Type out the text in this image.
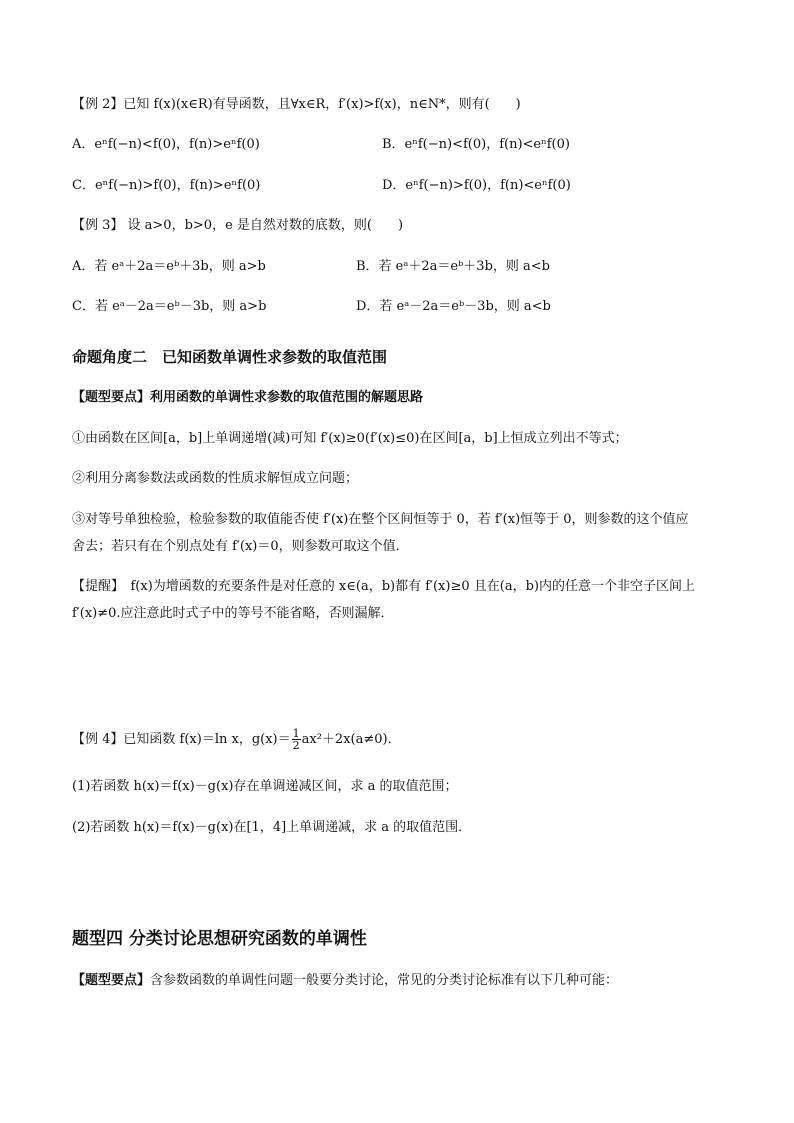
【例 2】已知 f(x)(x∈R)有导函数，且∀x∈R，f′(x)>f(x)，n∈N*，则有(　　)
A．eⁿf(−n)<f(0)，f(n)>eⁿf(0)	B．eⁿf(−n)<f(0)，f(n)<eⁿf(0)
C．eⁿf(−n)>f(0)，f(n)>eⁿf(0)	D．eⁿf(−n)>f(0)，f(n)<eⁿf(0)
【例 3】 设 a>0，b>0，e 是自然对数的底数，则(　　)
A．若 eᵃ＋2a＝eᵇ＋3b，则 a>b	B．若 eᵃ＋2a＝eᵇ＋3b，则 a<b
C．若 eᵃ－2a＝eᵇ－3b，则 a>b	D．若 eᵃ－2a＝eᵇ－3b，则 a<b
命题角度二　已知函数单调性求参数的取值范围
【题型要点】利用函数的单调性求参数的取值范围的解题思路
①由函数在区间[a，b]上单调递增(减)可知 f′(x)≥0(f′(x)≤0)在区间[a，b]上恒成立列出不等式；
②利用分离参数法或函数的性质求解恒成立问题；
③对等号单独检验，检验参数的取值能否使 f′(x)在整个区间恒等于 0，若 f′(x)恒等于 0，则参数的这个值应
舍去；若只有在个别点处有 f′(x)＝0，则参数可取这个值．
【提醒】　f(x)为增函数的充要条件是对任意的 x∈(a，b)都有 f′(x)≥0 且在(a，b)内的任意一个非空子区间上
f′(x)≠0.应注意此时式子中的等号不能省略，否则漏解．
【例 4】已知函数 f(x)＝ln x，$g(x)= \frac{1}{2} ax^2+2x(a\ne 0)$．
(1)若函数 h(x)＝f(x)－g(x)存在单调递减区间，求 a 的取值范围；
(2)若函数 h(x)＝f(x)－g(x)在[1，4]上单调递减，求 a 的取值范围．
题型四 分类讨论思想研究函数的单调性
【题型要点】含参数函数的单调性问题一般要分类讨论，常见的分类讨论标准有以下几种可能：
